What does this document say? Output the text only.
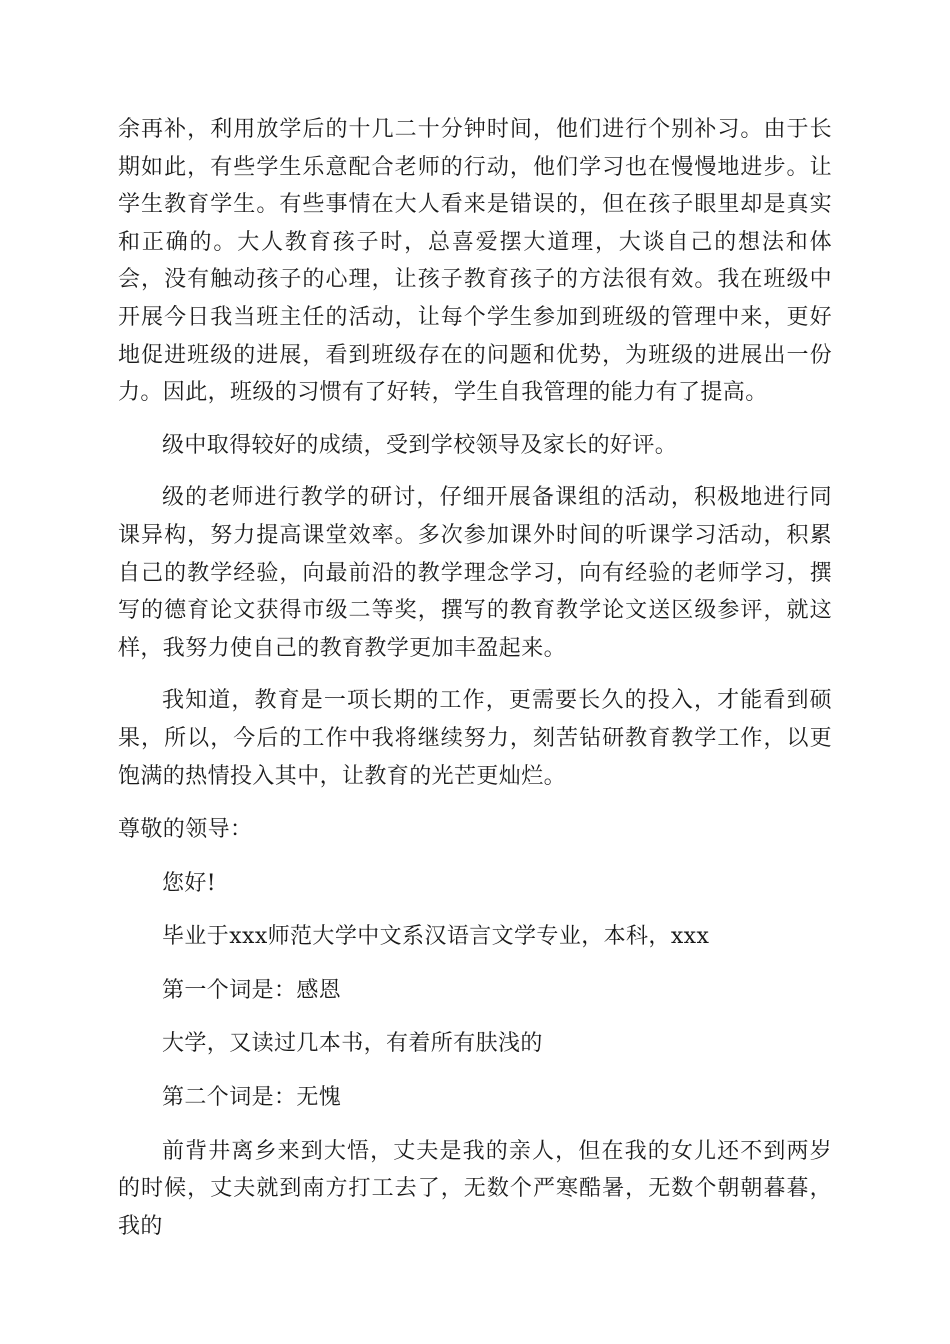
余再补，利用放学后的十几二十分钟时间，他们进行个别补习。由于长期如此，有些学生乐意配合老师的行动，他们学习也在慢慢地进步。让学生教育学生。有些事情在大人看来是错误的，但在孩子眼里却是真实和正确的。大人教育孩子时，总喜爱摆大道理，大谈自己的想法和体会，没有触动孩子的心理，让孩子教育孩子的方法很有效。我在班级中开展今日我当班主任的活动，让每个学生参加到班级的管理中来，更好地促进班级的进展，看到班级存在的问题和优势，为班级的进展出一份力。因此，班级的习惯有了好转，学生自我管理的能力有了提高。

级中取得较好的成绩，受到学校领导及家长的好评。

级的老师进行教学的研讨，仔细开展备课组的活动，积极地进行同课异构，努力提高课堂效率。多次参加课外时间的听课学习活动，积累自己的教学经验，向最前沿的教学理念学习，向有经验的老师学习，撰写的德育论文获得市级二等奖，撰写的教育教学论文送区级参评，就这样，我努力使自己的教育教学更加丰盈起来。

我知道，教育是一项长期的工作，更需要长久的投入，才能看到硕果，所以，今后的工作中我将继续努力，刻苦钻研教育教学工作，以更饱满的热情投入其中，让教育的光芒更灿烂。

尊敬的领导：

您好!

毕业于xxx师范大学中文系汉语言文学专业，本科，xxx

第一个词是：感恩

大学，又读过几本书，有着所有肤浅的

第二个词是：无愧

前背井离乡来到大悟，丈夫是我的亲人，但在我的女儿还不到两岁的时候，丈夫就到南方打工去了，无数个严寒酷暑，无数个朝朝暮暮，我的
